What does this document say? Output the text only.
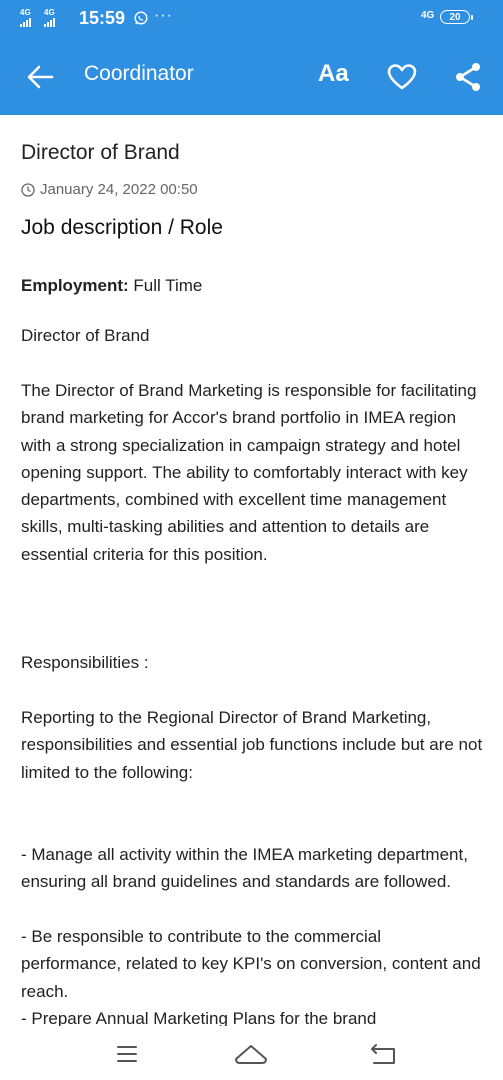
4G 4G 15:59 ···	4G 20
Coordinator	Aa
Director of Brand
January 24, 2022 00:50
Job description / Role
Employment: Full Time
Director of Brand
The Director of Brand Marketing is responsible for facilitating brand marketing for Accor's brand portfolio in IMEA region with a strong specialization in campaign strategy and hotel opening support. The ability to comfortably interact with key departments, combined with excellent time management skills, multi-tasking abilities and attention to details are essential criteria for this position.
Responsibilities :
Reporting to the Regional Director of Brand Marketing, responsibilities and essential job functions include but are not limited to the following:
- Manage all activity within the IMEA marketing department, ensuring all brand guidelines and standards are followed.
- Be responsible to contribute to the commercial performance, related to key KPI's on conversion, content and reach.
- Prepare Annual Marketing Plans for the brand
